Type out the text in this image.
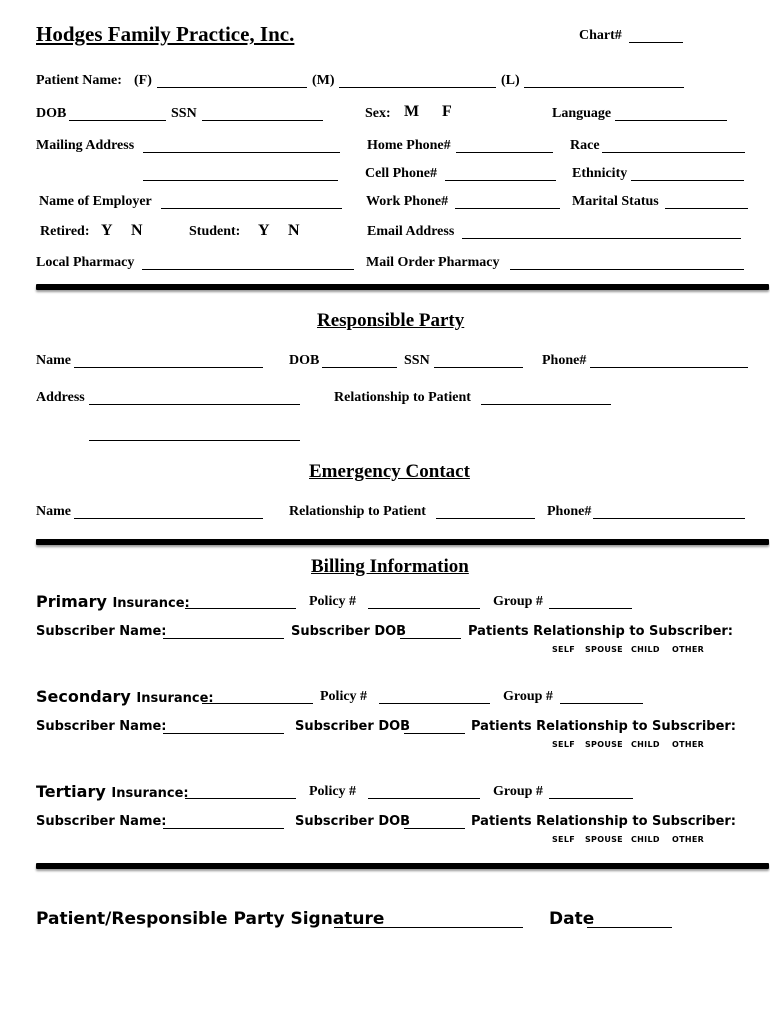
Hodges Family Practice, Inc.	Chart#
Patient Name: (F)	(M)	(L)
DOB	SSN	Sex: M F	Language
Mailing Address	Home Phone#	Race
Cell Phone#	Ethnicity
Name of Employer	Work Phone#	Marital Status
Retired: Y N	Student: Y N	Email Address
Local Pharmacy	Mail Order Pharmacy
Responsible Party
Name	DOB	SSN	Phone#
Address	Relationship to Patient
Emergency Contact
Name	Relationship to Patient	Phone#
Billing Information
Primary Insurance:	Policy #	Group #
Subscriber Name:	Subscriber DOB	Patients Relationship to Subscriber:
SELF SPOUSE CHILD OTHER
Secondary Insurance:	Policy #	Group #
Subscriber Name:	Subscriber DOB	Patients Relationship to Subscriber:
SELF SPOUSE CHILD OTHER
Tertiary Insurance:	Policy #	Group #
Subscriber Name:	Subscriber DOB	Patients Relationship to Subscriber:
SELF SPOUSE CHILD OTHER
Patient/Responsible Party Signature	Date
